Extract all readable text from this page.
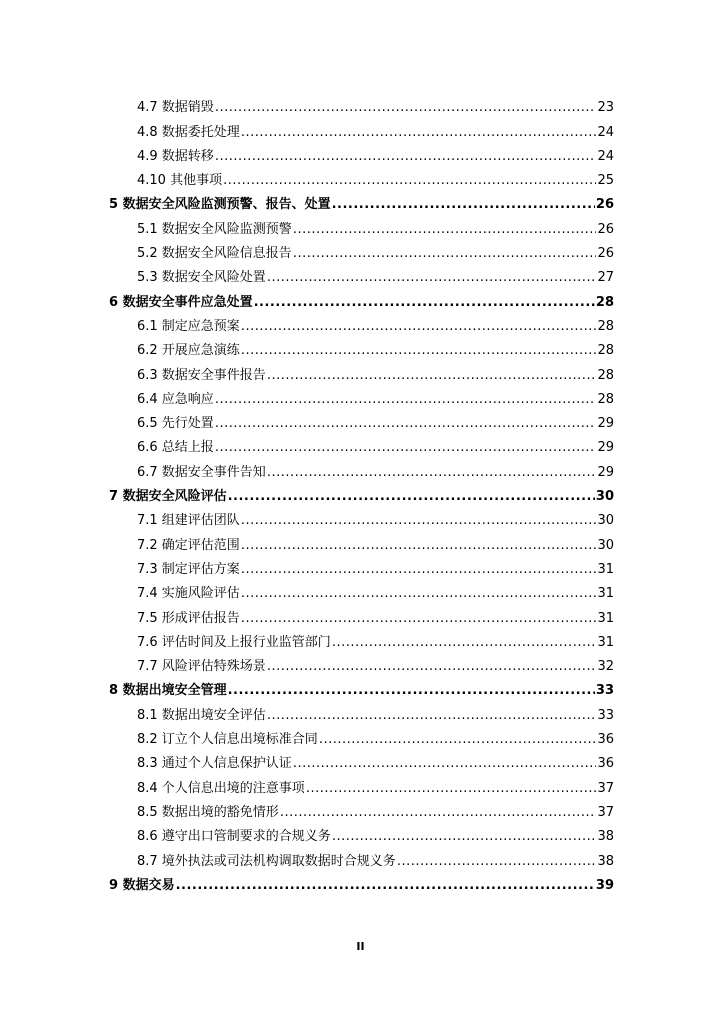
4.7 数据销毁 .....	23
4.8 数据委托处理 .....	24
4.9 数据转移 .....	24
4.10 其他事项 .....	25
5 数据安全风险监测预警、报告、处置 .....	26
5.1 数据安全风险监测预警 .....	26
5.2 数据安全风险信息报告 .....	26
5.3 数据安全风险处置 .....	27
6 数据安全事件应急处置 .....	28
6.1 制定应急预案 .....	28
6.2 开展应急演练 .....	28
6.3 数据安全事件报告 .....	28
6.4 应急响应 .....	28
6.5 先行处置 .....	29
6.6 总结上报 .....	29
6.7 数据安全事件告知 .....	29
7 数据安全风险评估 .....	30
7.1 组建评估团队 .....	30
7.2 确定评估范围 .....	30
7.3 制定评估方案 .....	31
7.4 实施风险评估 .....	31
7.5 形成评估报告 .....	31
7.6 评估时间及上报行业监管部门 .....	31
7.7 风险评估特殊场景 .....	32
8 数据出境安全管理 .....	33
8.1 数据出境安全评估 .....	33
8.2 订立个人信息出境标准合同 .....	36
8.3 通过个人信息保护认证 .....	36
8.4 个人信息出境的注意事项 .....	37
8.5 数据出境的豁免情形 .....	37
8.6 遵守出口管制要求的合规义务 .....	38
8.7 境外执法或司法机构调取数据时合规义务 .....	38
9 数据交易 .....	39
II
